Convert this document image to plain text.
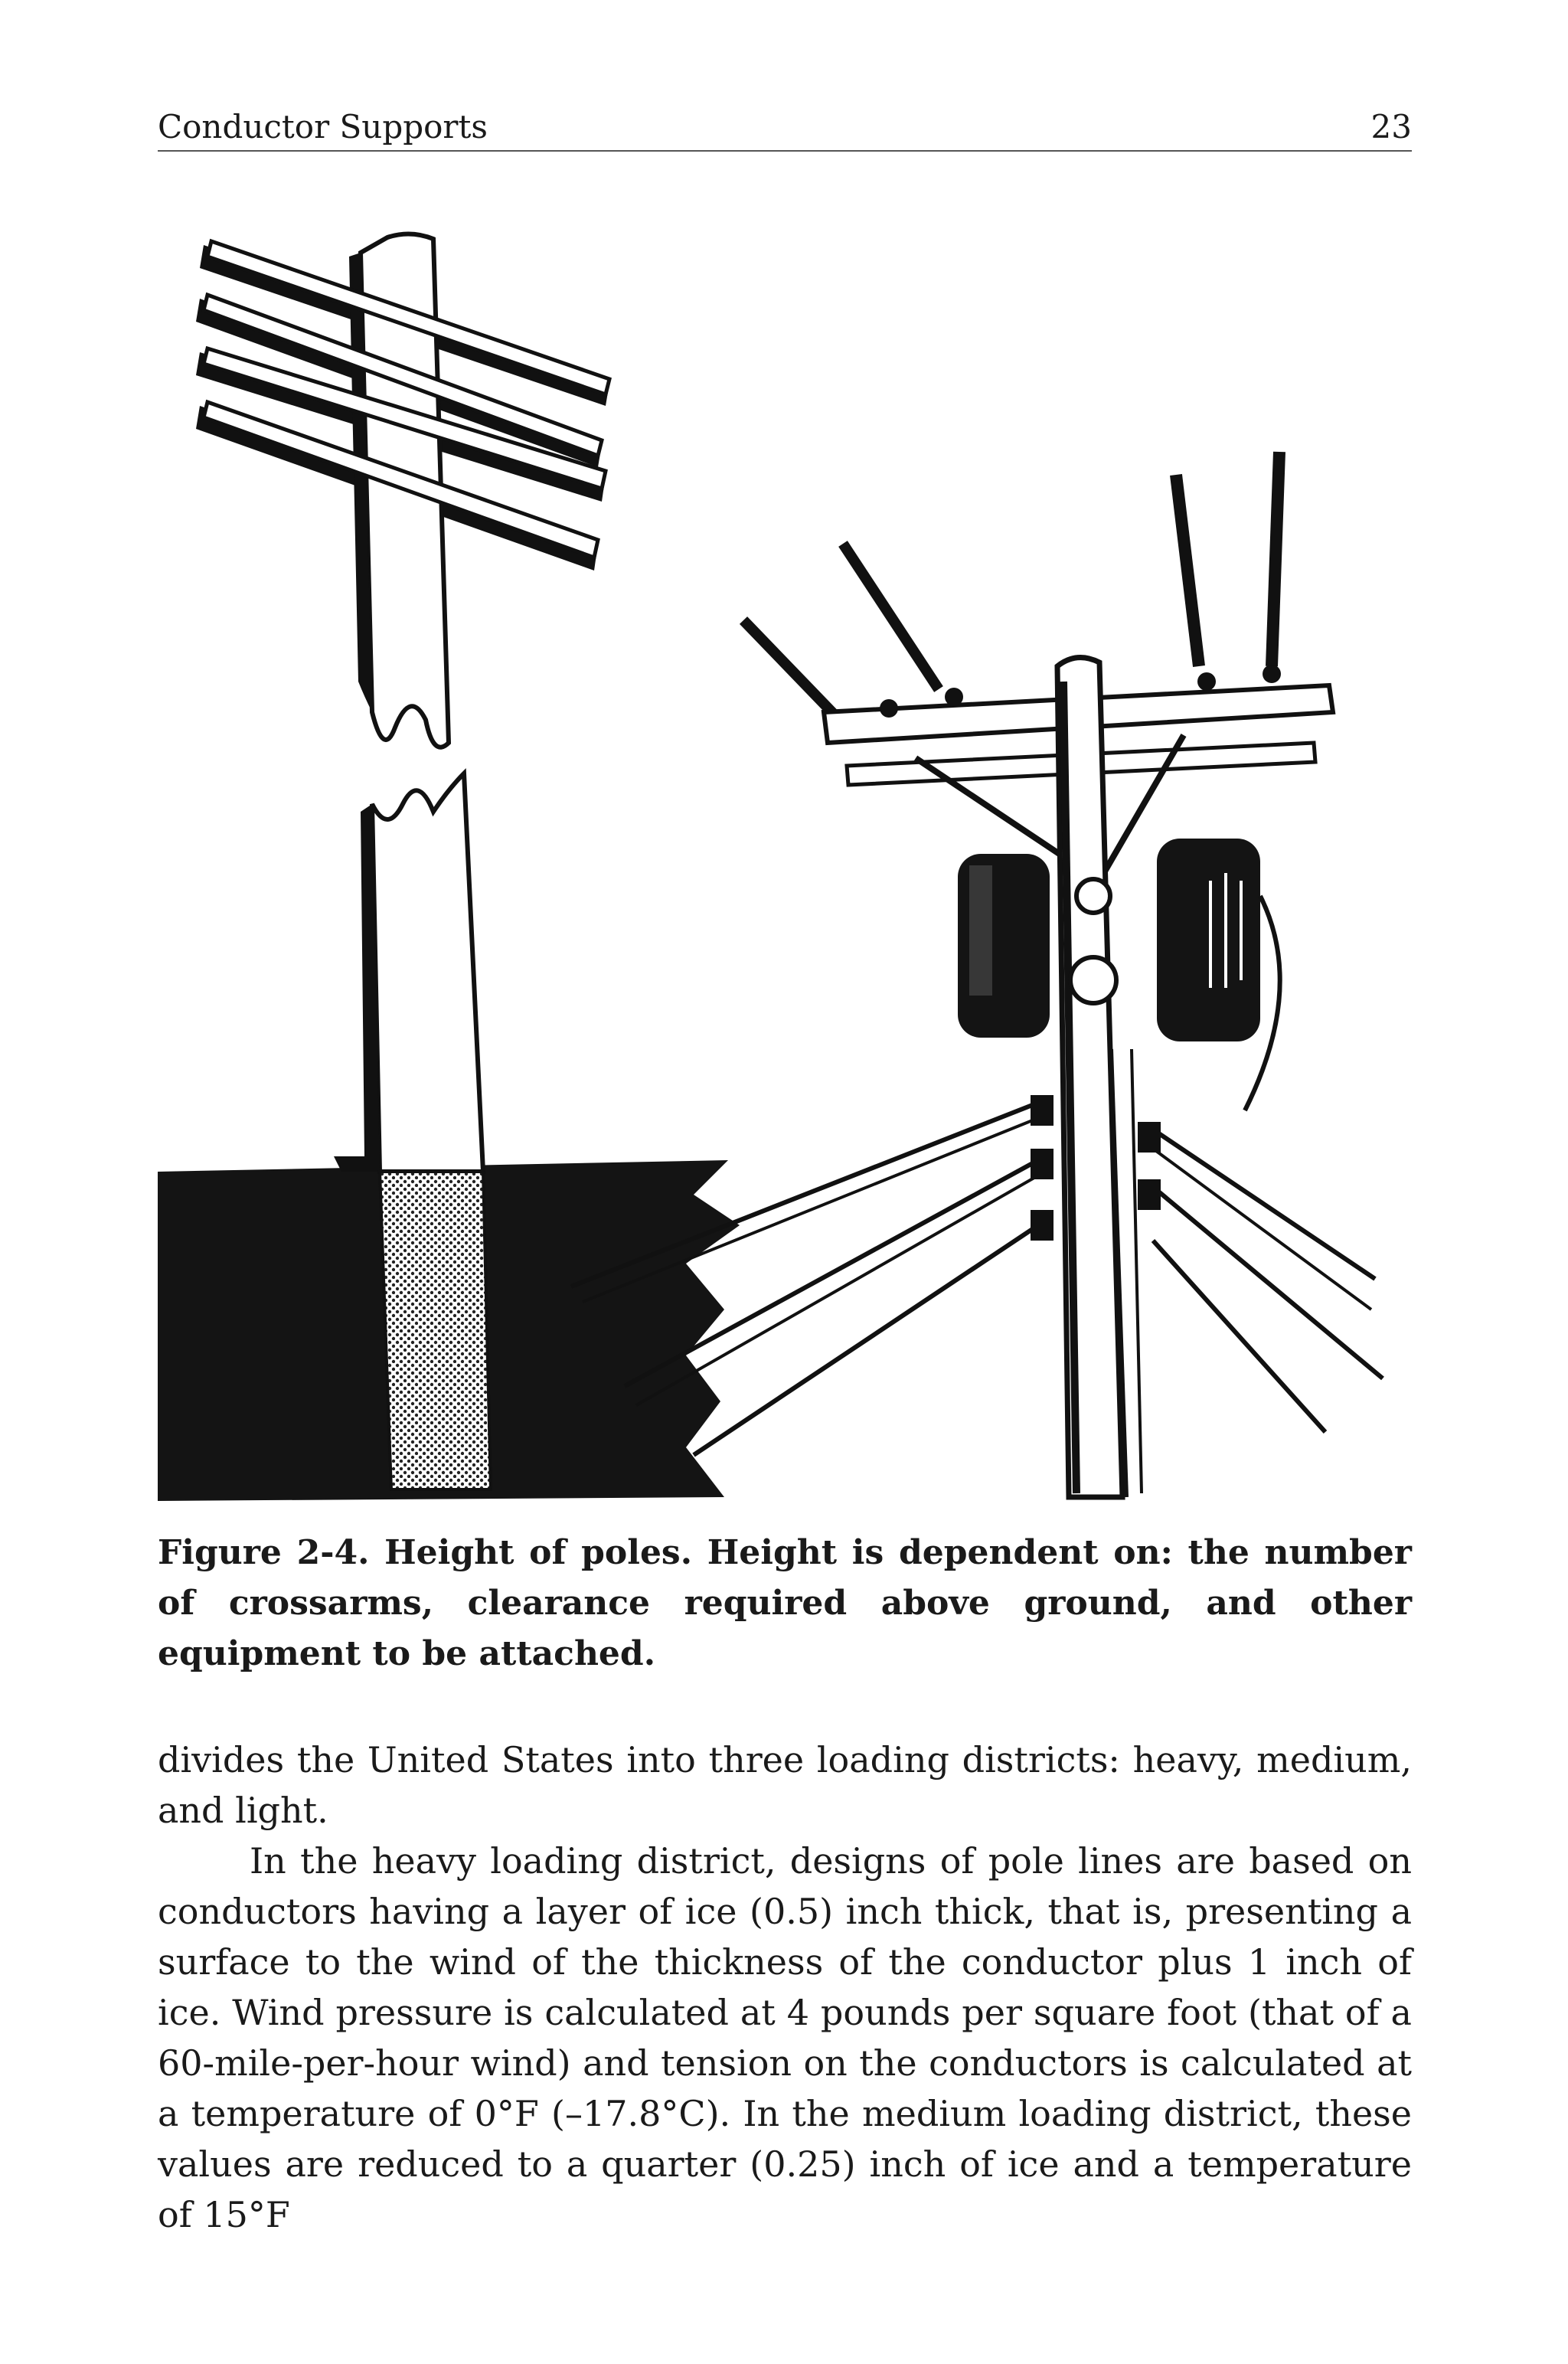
Conductor Supports	23

Figure 2-4. Height of poles. Height is dependent on: the number of crossarms, clearance required above ground, and other equipment to be attached.

divides the United States into three loading districts: heavy, medium, and light.

In the heavy loading district, designs of pole lines are based on conductors having a layer of ice (0.5) inch thick, that is, presenting a surface to the wind of the thickness of the conductor plus 1 inch of ice. Wind pressure is calculated at 4 pounds per square foot (that of a 60-mile-per-hour wind) and tension on the conductors is calculated at a temperature of 0°F (–17.8°C). In the medium loading district, these values are reduced to a quarter (0.25) inch of ice and a temperature of 15°F
